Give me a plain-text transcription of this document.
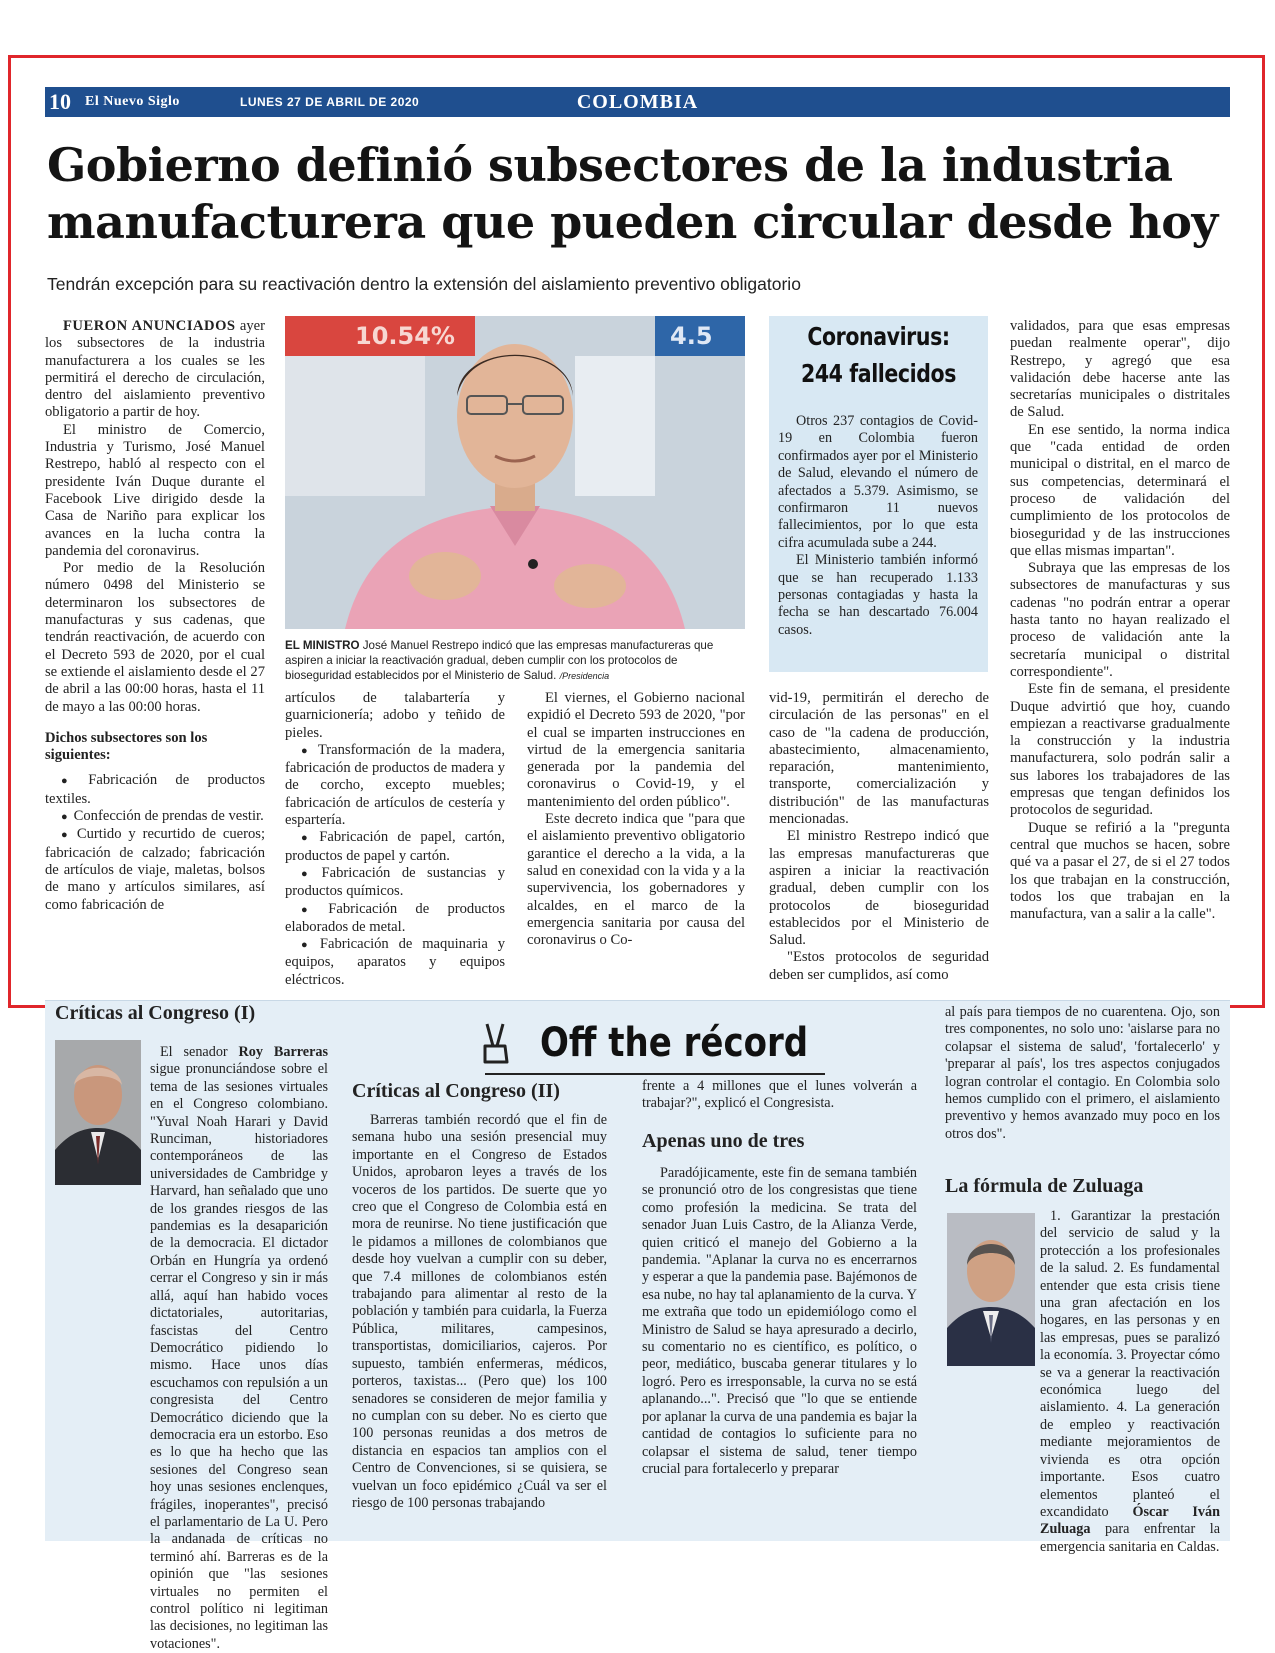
10 El Nuevo Siglo	LUNES 27 DE ABRIL DE 2020	COLOMBIA
Gobierno definió subsectores de la industria
manufacturera que pueden circular desde hoy
Tendrán excepción para su reactivación dentro la extensión del aislamiento preventivo obligatorio

FUERON ANUNCIADOS ayer los subsectores de la industria manufacturera a los cuales se les permitirá el derecho de circulación, dentro del aislamiento preventivo obligatorio a partir de hoy.

El ministro de Comercio, Industria y Turismo, José Manuel Restrepo, habló al respecto con el presidente Iván Duque durante el Facebook Live dirigido desde la Casa de Nariño para explicar los avances en la lucha contra la pandemia del coronavirus.

Por medio de la Resolución número 0498 del Ministerio se determinaron los subsectores de manufacturas y sus cadenas, que tendrán reactivación, de acuerdo con el Decreto 593 de 2020, por el cual se extiende el aislamiento desde el 27 de abril a las 00:00 horas, hasta el 11 de mayo a las 00:00 horas.

Dichos subsectores son los siguientes:

● Fabricación de productos textiles.

● Confección de prendas de vestir.

● Curtido y recurtido de cueros; fabricación de calzado; fabricación de artículos de viaje, maletas, bolsos de mano y artículos similares, así como fabricación de

10.54%	4.5
EL MINISTRO José Manuel Restrepo indicó que las empresas manufactureras que aspiren a iniciar la reactivación gradual, deben cumplir con los protocolos de bioseguridad establecidos por el Ministerio de Salud. /Presidencia
Coronavirus:
244 fallecidos

Otros 237 contagios de Covid-19 en Colombia fueron confirmados ayer por el Ministerio de Salud, elevando el número de afectados a 5.379. Asimismo, se confirmaron 11 nuevos fallecimientos, por lo que esta cifra acumulada sube a 244.

El Ministerio también informó que se han recuperado 1.133 personas contagiadas y hasta la fecha se han descartado 76.004 casos.

artículos de talabartería y guarnicionería; adobo y teñido de pieles.

● Transformación de la madera, fabricación de productos de madera y de corcho, excepto muebles; fabricación de artículos de cestería y espartería.

● Fabricación de papel, cartón, productos de papel y cartón.

● Fabricación de sustancias y productos químicos.

● Fabricación de productos elaborados de metal.

● Fabricación de maquinaria y equipos, aparatos y equipos eléctricos.

El viernes, el Gobierno nacional expidió el Decreto 593 de 2020, "por el cual se imparten instrucciones en virtud de la emergencia sanitaria generada por la pandemia del coronavirus o Covid-19, y el mantenimiento del orden público".

Este decreto indica que "para que el aislamiento preventivo obligatorio garantice el derecho a la vida, a la salud en conexidad con la vida y a la supervivencia, los gobernadores y alcaldes, en el marco de la emergencia sanitaria por causa del coronavirus o Co-

vid-19, permitirán el derecho de circulación de las personas" en el caso de "la cadena de producción, abastecimiento, almacenamiento, reparación, mantenimiento, transporte, comercialización y distribución" de las manufacturas mencionadas.

El ministro Restrepo indicó que las empresas manufactureras que aspiren a iniciar la reactivación gradual, deben cumplir con los protocolos de bioseguridad establecidos por el Ministerio de Salud.

"Estos protocolos de seguridad deben ser cumplidos, así como

validados, para que esas empresas puedan realmente operar", dijo Restrepo, y agregó que esa validación debe hacerse ante las secretarías municipales o distritales de Salud.

En ese sentido, la norma indica que "cada entidad de orden municipal o distrital, en el marco de sus competencias, determinará el proceso de validación del cumplimiento de los protocolos de bioseguridad y de las instrucciones que ellas mismas impartan".

Subraya que las empresas de los subsectores de manufacturas y sus cadenas "no podrán entrar a operar hasta tanto no hayan realizado el proceso de validación ante la secretaría municipal o distrital correspondiente".

Este fin de semana, el presidente Duque advirtió que hoy, cuando empiezan a reactivarse gradualmente la construcción y la industria manufacturera, solo podrán salir a sus labores los trabajadores de las empresas que tengan definidos los protocolos de seguridad.

Duque se refirió a la "pregunta central que muchos se hacen, sobre qué va a pasar el 27, de si el 27 todos los que trabajan en la construcción, todos los que trabajan en la manufactura, van a salir a la calle".

Críticas al Congreso (I)

El senador Roy Barreras sigue pronunciándose sobre el tema de las sesiones virtuales en el Congreso colombiano. "Yuval Noah Harari y David Runciman, historiadores contemporáneos de las universidades de Cambridge y Harvard, han señalado que uno de los grandes riesgos de las pandemias es la desaparición de la democracia. El dictador Orbán en Hungría ya ordenó cerrar el Congreso y sin ir más allá, aquí han habido voces dictatoriales, autoritarias, fascistas del Centro Democrático pidiendo lo mismo. Hace unos días escuchamos con repulsión a un congresista del Centro Democrático diciendo que la democracia era un estorbo. Eso es lo que ha hecho que las sesiones del Congreso sean hoy unas sesiones enclenques, frágiles, inoperantes", precisó el parlamentario de La U. Pero la andanada de críticas no terminó ahí. Barreras es de la opinión que "las sesiones virtuales no permiten el control político ni legitiman las decisiones, no legitiman las votaciones".

Off the récord
Críticas al Congreso (II)

Barreras también recordó que el fin de semana hubo una sesión presencial muy importante en el Congreso de Estados Unidos, aprobaron leyes a través de los voceros de los partidos. De suerte que yo creo que el Congreso de Colombia está en mora de reunirse. No tiene justificación que le pidamos a millones de colombianos que desde hoy vuelvan a cumplir con su deber, que 7.4 millones de colombianos estén trabajando para alimentar al resto de la población y también para cuidarla, la Fuerza Pública, militares, campesinos, transportistas, domiciliarios, cajeros. Por supuesto, también enfermeras, médicos, porteros, taxistas... (Pero que) los 100 senadores se consideren de mejor familia y no cumplan con su deber. No es cierto que 100 personas reunidas a dos metros de distancia en espacios tan amplios con el Centro de Convenciones, si se quisiera, se vuelvan un foco epidémico ¿Cuál va ser el riesgo de 100 personas trabajando

frente a 4 millones que el lunes volverán a trabajar?", explicó el Congresista.

Apenas uno de tres

Paradójicamente, este fin de semana también se pronunció otro de los congresistas que tiene como profesión la medicina. Se trata del senador Juan Luis Castro, de la Alianza Verde, quien criticó el manejo del Gobierno a la pandemia. "Aplanar la curva no es encerrarnos y esperar a que la pandemia pase. Bajémonos de esa nube, no hay tal aplanamiento de la curva. Y me extraña que todo un epidemiólogo como el Ministro de Salud se haya apresurado a decirlo, su comentario no es científico, es político, o peor, mediático, buscaba generar titulares y lo logró. Pero es irresponsable, la curva no se está aplanando...". Precisó que "lo que se entiende por aplanar la curva de una pandemia es bajar la cantidad de contagios lo suficiente para no colapsar el sistema de salud, tener tiempo crucial para fortalecerlo y preparar

al país para tiempos de no cuarentena. Ojo, son tres componentes, no solo uno: 'aislarse para no colapsar el sistema de salud', 'fortalecerlo' y 'preparar al país', los tres aspectos conjugados logran controlar el contagio. En Colombia solo hemos cumplido con el primero, el aislamiento preventivo y hemos avanzado muy poco en los otros dos".

La fórmula de Zuluaga

1. Garantizar la prestación del servicio de salud y la protección a los profesionales de la salud. 2. Es fundamental entender que esta crisis tiene una gran afectación en los hogares, en las personas y en las empresas, pues se paralizó la economía. 3. Proyectar cómo se va a generar la reactivación económica luego del aislamiento. 4. La generación de empleo y reactivación mediante mejoramientos de vivienda es otra opción importante. Esos cuatro elementos planteó el excandidato Óscar Iván Zuluaga para enfrentar la emergencia sanitaria en Caldas.
